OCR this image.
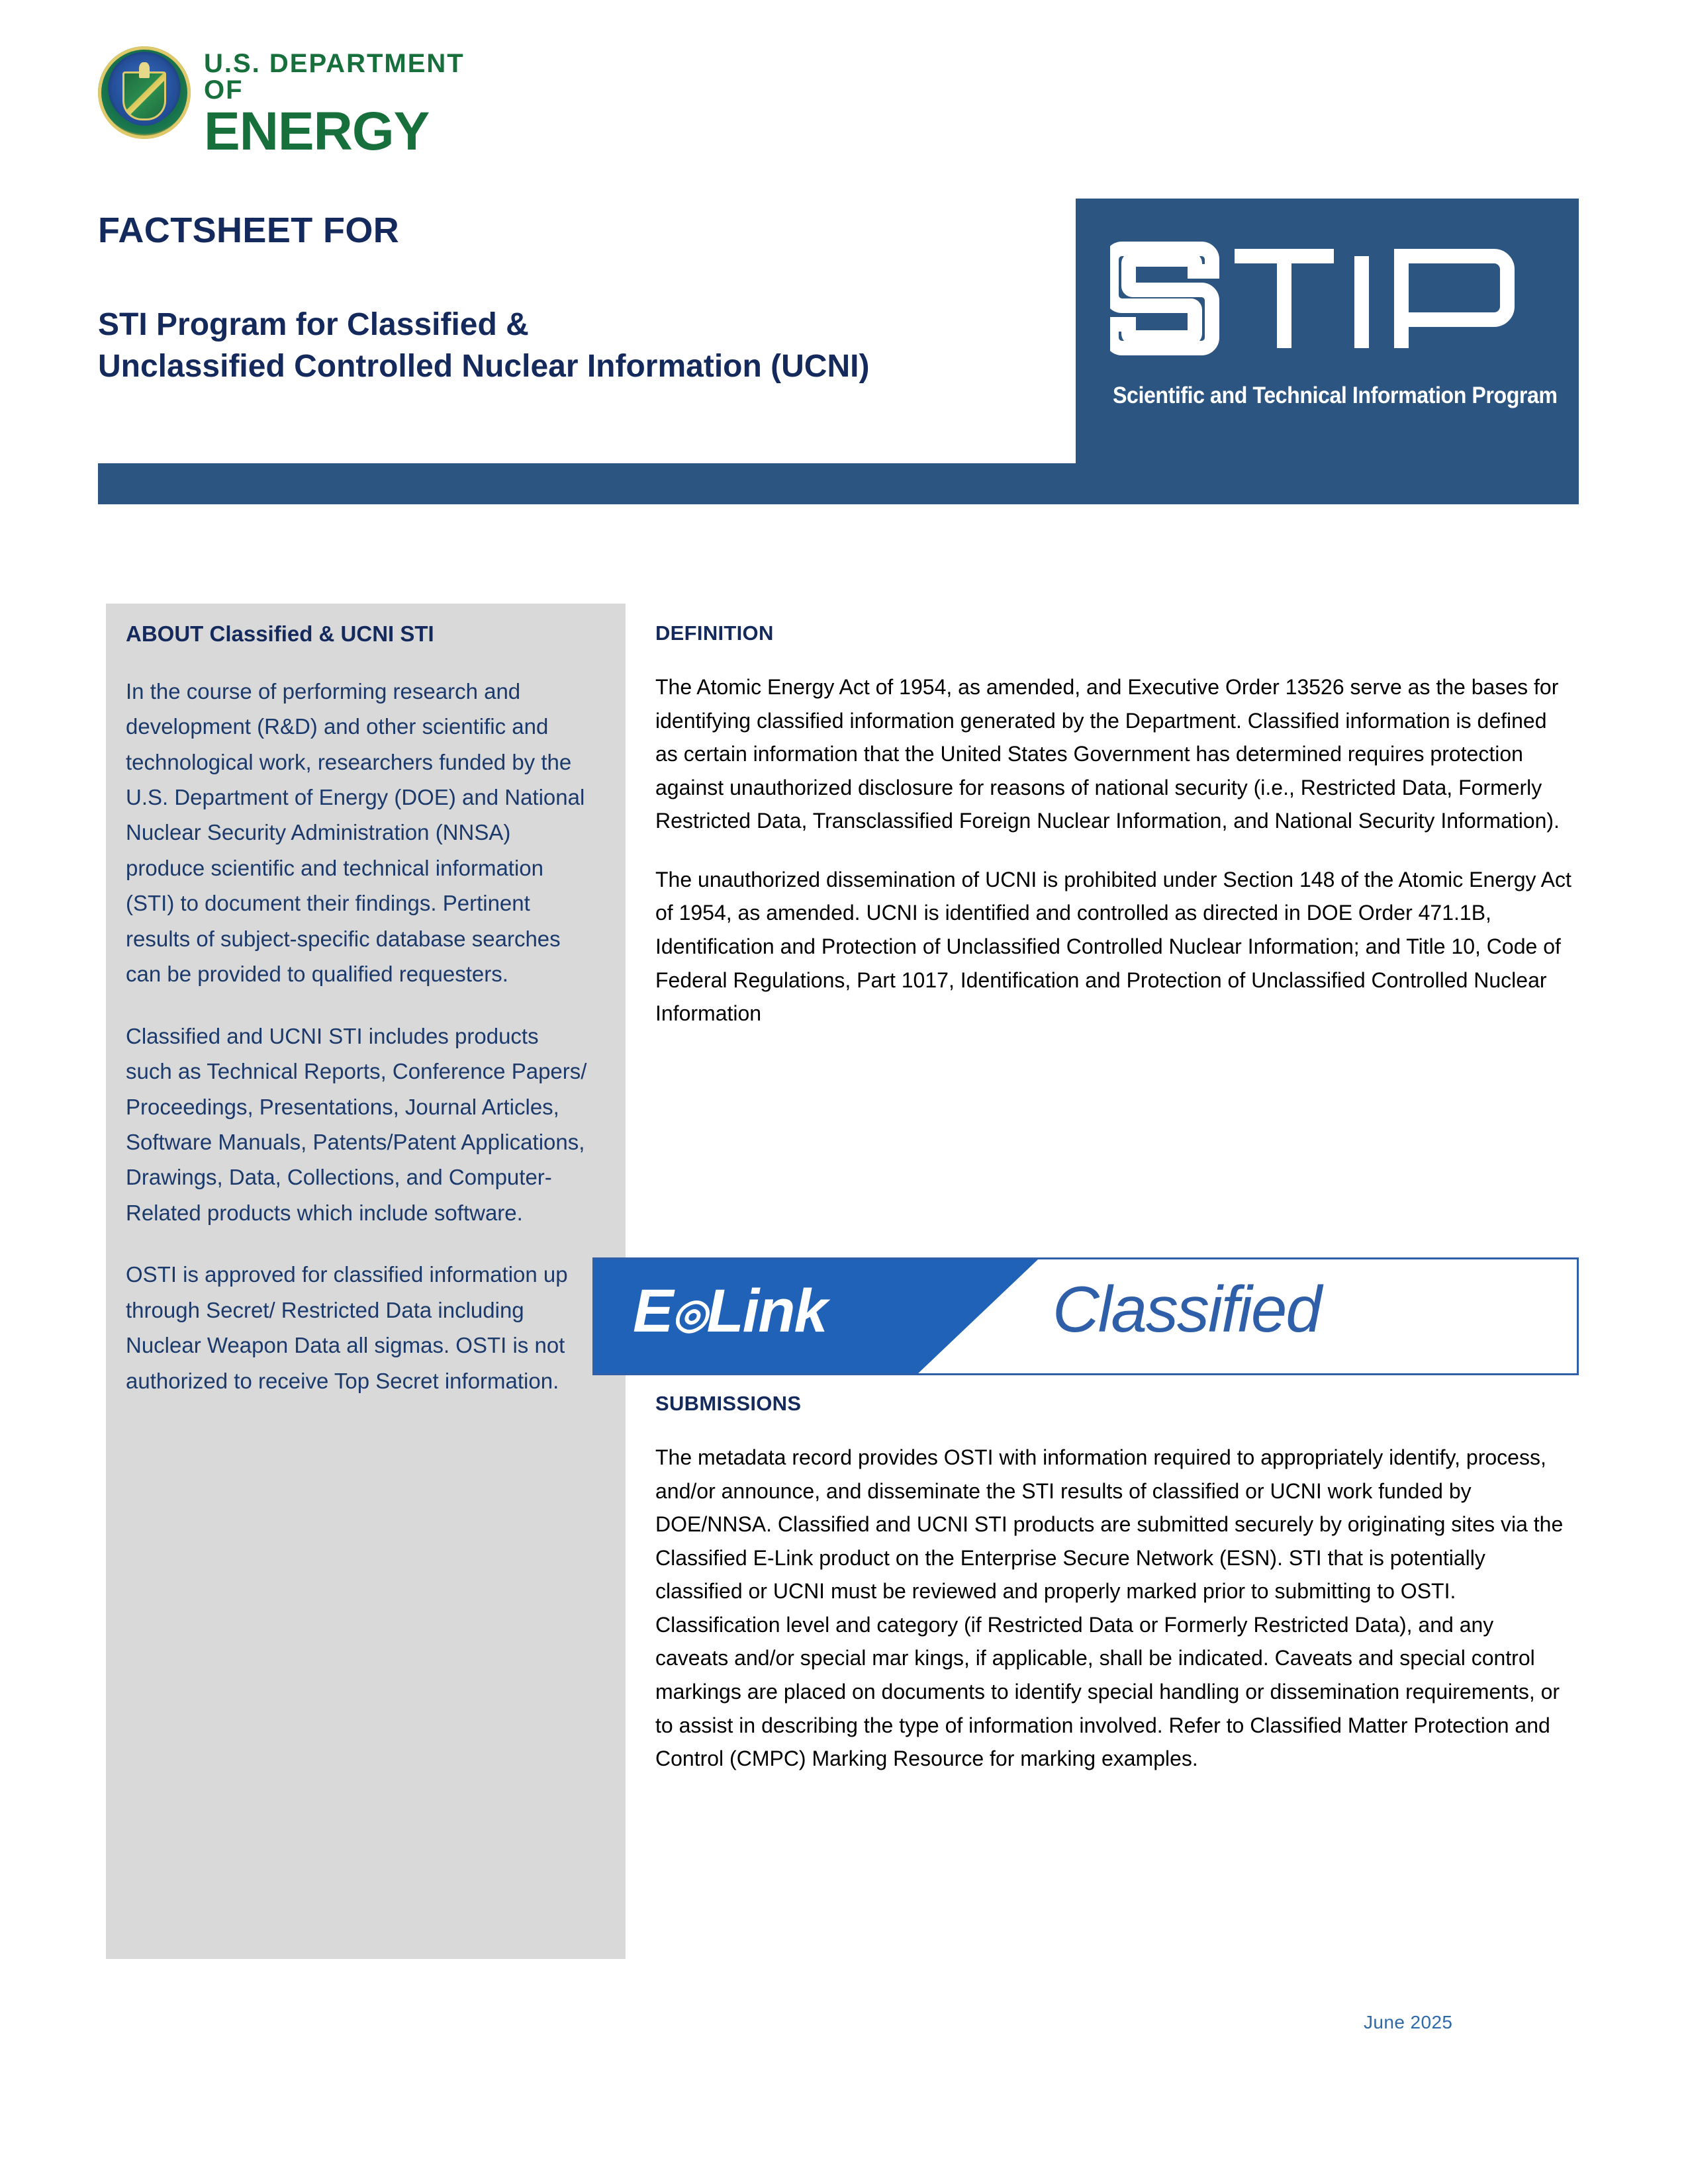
U.S. DEPARTMENT OF
ENERGY
FACTSHEET FOR
STI Program for Classified &
Unclassified Controlled Nuclear Information (UCNI)
Scientific and Technical Information Program
ABOUT Classified & UCNI STI
In the course of performing research and development (R&D) and other scientific and technological work, researchers funded by the U.S. Department of Energy (DOE) and National Nuclear Security Administration (NNSA) produce scientific and technical information (STI) to document their findings. Pertinent results of subject-specific database searches can be provided to qualified requesters.
Classified and UCNI STI includes products such as Technical Reports, Conference Papers/ Proceedings, Presentations, Journal Articles, Software Manuals, Patents/Patent Applications, Drawings, Data, Collections, and Computer-Related products which include software.
OSTI is approved for classified information up through Secret/ Restricted Data including Nuclear Weapon Data all sigmas. OSTI is not authorized to receive Top Secret information.
DEFINITION
The Atomic Energy Act of 1954, as amended, and Executive Order 13526 serve as the bases for identifying classified information generated by the Department. Classified information is defined as certain information that the United States Government has determined requires protection against unauthorized disclosure for reasons of national security (i.e., Restricted Data, Formerly Restricted Data, Transclassified Foreign Nuclear Information, and National Security Information).
The unauthorized dissemination of UCNI is prohibited under Section 148 of the Atomic Energy Act of 1954, as amended. UCNI is identified and controlled as directed in DOE Order 471.1B, Identification and Protection of Unclassified Controlled Nuclear Information; and Title 10, Code of Federal Regulations, Part 1017, Identification and Protection of Unclassified Controlled Nuclear Information
E◎Link	Classified
SUBMISSIONS
The metadata record provides OSTI with information required to appropriately identify, process, and/or announce, and disseminate the STI results of classified or UCNI work funded by DOE/NNSA. Classified and UCNI STI products are submitted securely by originating sites via the Classified E-Link product on the Enterprise Secure Network (ESN). STI that is potentially classified or UCNI must be reviewed and properly marked prior to submitting to OSTI. Classification level and category (if Restricted Data or Formerly Restricted Data), and any caveats and/or special mar kings, if applicable, shall be indicated. Caveats and special control markings are placed on documents to identify special handling or dissemination requirements, or to assist in describing the type of information involved. Refer to Classified Matter Protection and Control (CMPC) Marking Resource for marking examples.
June 2025
